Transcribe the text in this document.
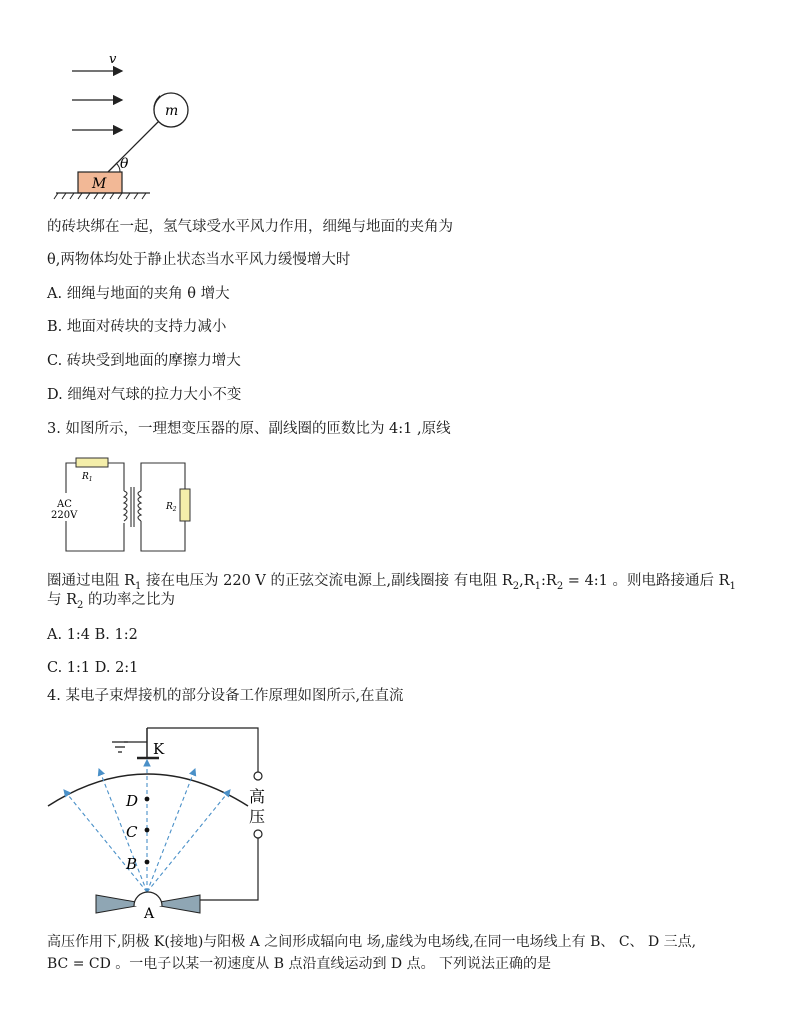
v
θ
M
m

的砖块绑在一起，氢气球受水平风力作用，细绳与地面的夹角为

θ,两物体均处于静止状态当水平风力缓慢增大时

A. 细绳与地面的夹角 θ 增大

B. 地面对砖块的支持力减小

C. 砖块受到地面的摩擦力增大

D. 细绳对气球的拉力大小不变

3. 如图所示，一理想变压器的原、副线圈的匝数比为 4:1 ,原线

$R_1$
$R_2$
AC
220V

圈通过电阻 $R_1$ 接在电压为 220 V 的正弦交流电源上,副线圈接 有电阻 $R_2,R_1:R_2$ = 4:1 。则电路接通后 $R_1$

与 $R_2$ 的功率之比为

A. 1:4 B. 1:2

C. 1:1 D. 2:1

4. 某电子束焊接机的部分设备工作原理如图所示,在直流

K
高
压
D
C
B
A

高压作用下,阴极 K(接地)与阳极 A 之间形成辐向电 场,虚线为电场线,在同一电场线上有 B、 C、 D 三点,

BC = CD 。一电子以某一初速度从 B 点沿直线运动到 D 点。 下列说法正确的是
